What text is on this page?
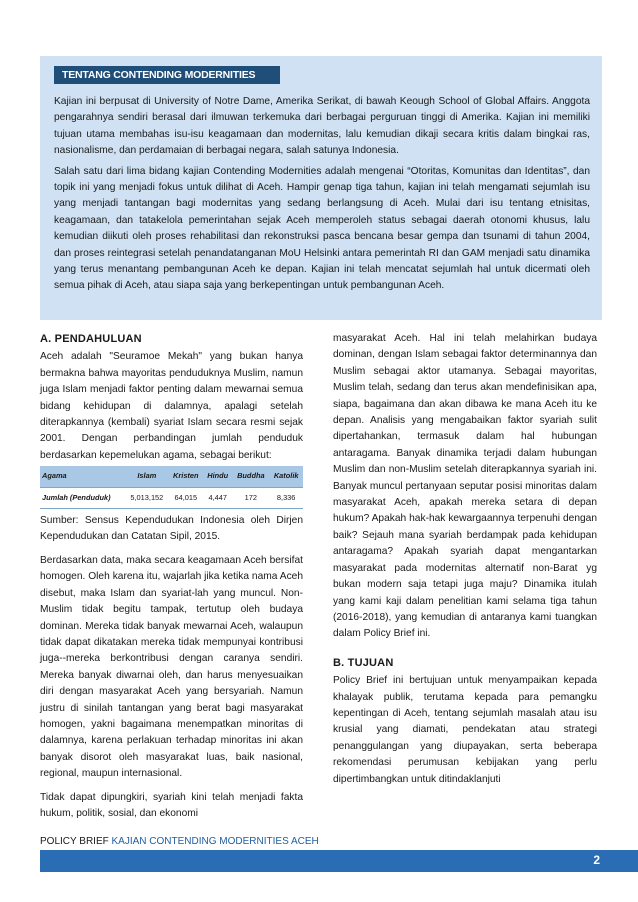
TENTANG CONTENDING MODERNITIES

Kajian ini berpusat di University of Notre Dame, Amerika Serikat, di bawah Keough School of Global Affairs. Anggota pengarahnya sendiri berasal dari ilmuwan terkemuka dari berbagai perguruan tinggi di Amerika. Kajian ini memiliki tujuan utama membahas isu-isu keagamaan dan modernitas, lalu kemudian dikaji secara kritis dalam bingkai ras, nasionalisme, dan perdamaian di berbagai negara, salah satunya Indonesia.

Salah satu dari lima bidang kajian Contending Modernities adalah mengenai “Otoritas, Komunitas dan Identitas”, dan topik ini yang menjadi fokus untuk dilihat di Aceh. Hampir genap tiga tahun, kajian ini telah mengamati sejumlah isu yang menjadi tantangan bagi modernitas yang sedang berlangsung di Aceh. Mulai dari isu tentang etnisitas, keagamaan, dan tatakelola pemerintahan sejak Aceh memperoleh status sebagai daerah otonomi khusus, lalu kemudian diikuti oleh proses rehabilitasi dan rekonstruksi pasca bencana besar gempa dan tsunami di tahun 2004, dan proses reintegrasi setelah penandatanganan MoU Helsinki antara pemerintah RI dan GAM menjadi satu dinamika yang terus menantang pembangunan Aceh ke depan. Kajian ini telah mencatat sejumlah hal untuk dicermati oleh semua pihak di Aceh, atau siapa saja yang berkepentingan untuk pembangunan Aceh.

A. PENDAHULUAN

Aceh adalah "Seuramoe Mekah" yang bukan hanya bermakna bahwa mayoritas penduduknya Muslim, namun juga Islam menjadi faktor penting dalam mewarnai semua bidang kehidupan di dalamnya, apalagi setelah diterapkannya (kembali) syariat Islam secara resmi sejak 2001. Dengan perbandingan jumlah penduduk berdasarkan kepemelukan agama, sebagai berikut:

Agama	Islam	Kristen	Hindu	Buddha	Katolik
Jumlah (Penduduk)	5,013,152	64,015	4,447	172	8,336

Sumber: Sensus Kependudukan Indonesia oleh Dirjen Kependudukan dan Catatan Sipil, 2015.

Berdasarkan data, maka secara keagamaan Aceh bersifat homogen. Oleh karena itu, wajarlah jika ketika nama Aceh disebut, maka Islam dan syariat-lah yang muncul. Non-Muslim tidak begitu tampak, tertutup oleh budaya dominan. Mereka tidak banyak mewarnai Aceh, walaupun tidak dapat dikatakan mereka tidak mempunyai kontribusi juga--mereka berkontribusi dengan caranya sendiri. Mereka banyak diwarnai oleh, dan harus menyesuaikan diri dengan masyarakat Aceh yang bersyariah. Namun justru di sinilah tantangan yang berat bagi masyarakat homogen, yakni bagaimana menempatkan minoritas di dalamnya, karena perlakuan terhadap minoritas ini akan banyak disorot oleh masyarakat luas, baik nasional, regional, maupun internasional.

Tidak dapat dipungkiri, syariah kini telah menjadi fakta hukum, politik, sosial, dan ekonomi

masyarakat Aceh. Hal ini telah melahirkan budaya dominan, dengan Islam sebagai faktor determinannya dan Muslim sebagai aktor utamanya. Sebagai mayoritas, Muslim telah, sedang dan terus akan mendefinisikan apa, siapa, bagaimana dan akan dibawa ke mana Aceh itu ke depan. Analisis yang mengabaikan faktor syariah sulit dipertahankan, termasuk dalam hal hubungan antaragama. Banyak dinamika terjadi dalam hubungan Muslim dan non-Muslim setelah diterapkannya syariah ini. Banyak muncul pertanyaan seputar posisi minoritas dalam masyarakat Aceh, apakah mereka setara di depan hukum? Apakah hak-hak kewargaannya terpenuhi dengan baik? Sejauh mana syariah berdampak pada kehidupan antaragama? Apakah syariah dapat mengantarkan masyarakat pada modernitas alternatif non-Barat yg bukan modern saja tetapi juga maju? Dinamika itulah yang kami kaji dalam penelitian kami selama tiga tahun (2016-2018), yang kemudian di antaranya kami tuangkan dalam Policy Brief ini.

B. TUJUAN

Policy Brief ini bertujuan untuk menyampaikan kepada khalayak publik, terutama kepada para pemangku kepentingan di Aceh, tentang sejumlah masalah atau isu krusial yang diamati, pendekatan atau strategi penanggulangan yang diupayakan, serta beberapa rekomendasi perumusan kebijakan yang perlu dipertimbangkan untuk ditindaklanjuti

POLICY BRIEF KAJIAN CONTENDING MODERNITIES ACEH
2
